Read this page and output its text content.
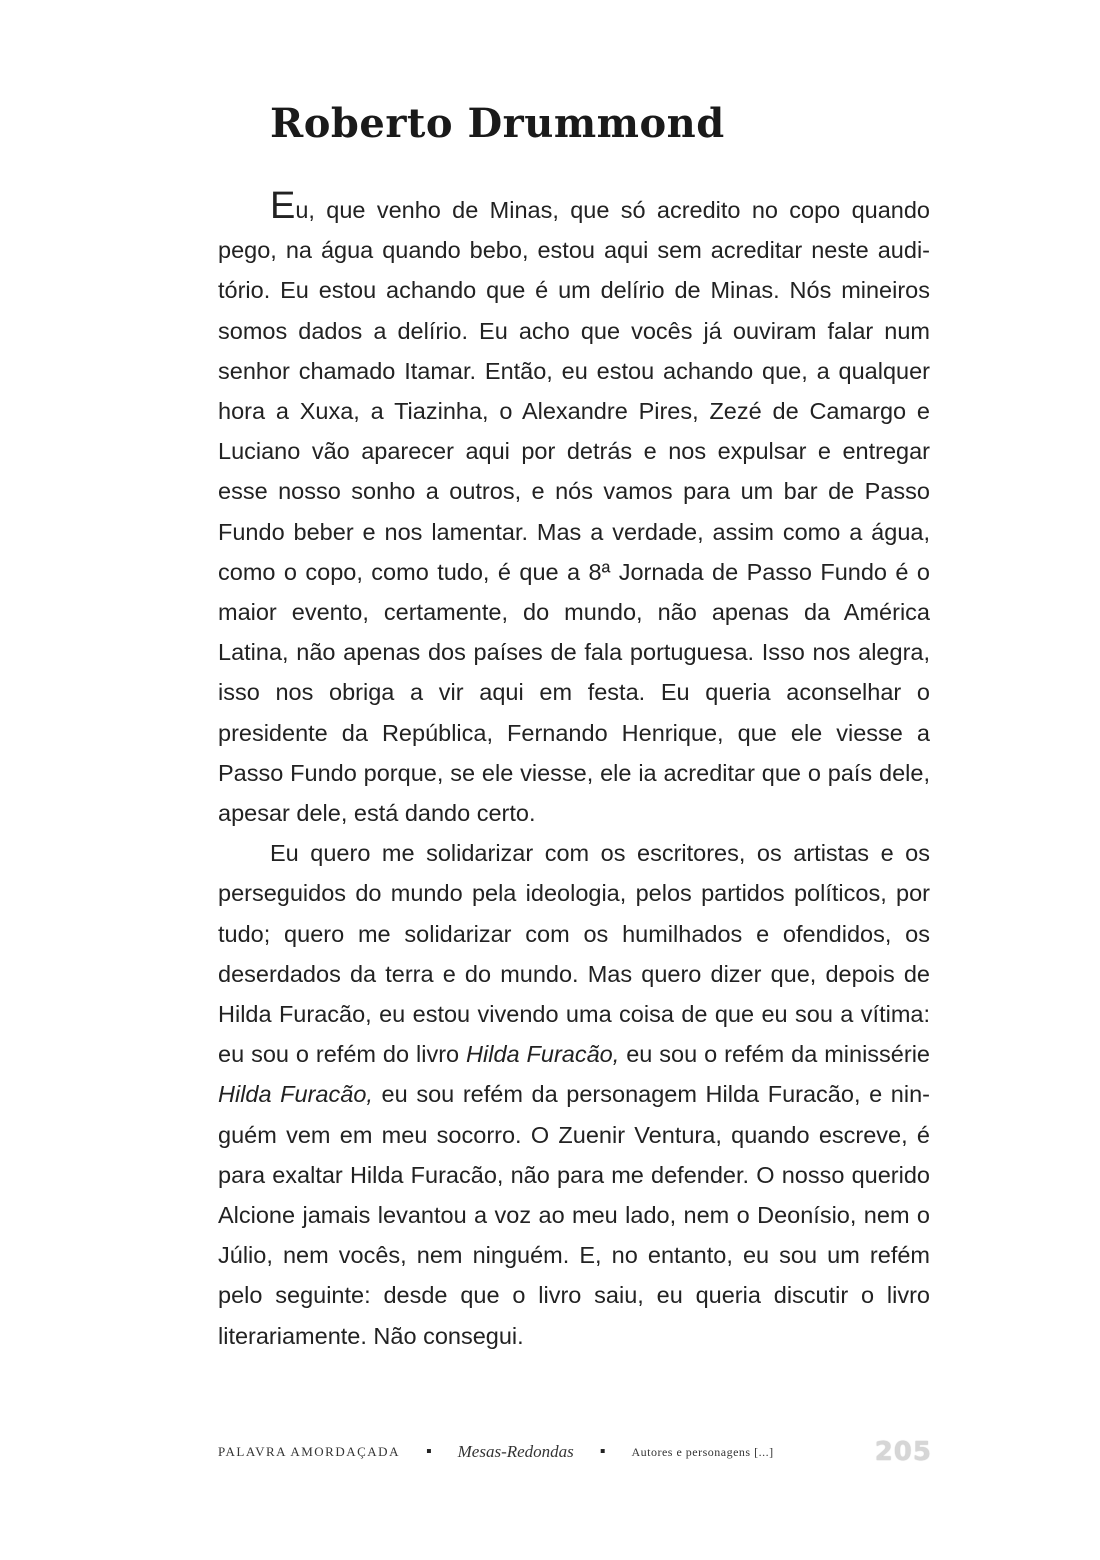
Roberto Drummond

Eu, que venho de Minas, que só acredito no copo quando pego, na água quando bebo, estou aqui sem acreditar neste auditório. Eu estou achando que é um delírio de Minas. Nós mineiros somos dados a delírio. Eu acho que vocês já ouviram falar num senhor chamado Itamar. Então, eu estou achando que, a qualquer hora a Xuxa, a Tiazinha, o Alexandre Pires, Zezé de Camargo e Luciano vão aparecer aqui por detrás e nos expulsar e entregar esse nosso sonho a outros, e nós vamos para um bar de Passo Fundo beber e nos lamentar. Mas a verdade, assim como a água, como o copo, como tudo, é que a 8ª Jornada de Passo Fundo é o maior evento, certamente, do mundo, não apenas da América Latina, não apenas dos países de fala portuguesa. Isso nos alegra, isso nos obriga a vir aqui em festa. Eu queria aconselhar o presidente da República, Fernando Henrique, que ele viesse a Passo Fundo porque, se ele viesse, ele ia acreditar que o país dele, apesar dele, está dando certo.

Eu quero me solidarizar com os escritores, os artistas e os perseguidos do mundo pela ideologia, pelos partidos políticos, por tudo; quero me solidarizar com os humilhados e ofendidos, os deserdados da terra e do mundo. Mas quero dizer que, depois de Hilda Furacão, eu estou vivendo uma coisa de que eu sou a vítima: eu sou o refém do livro Hilda Furacão, eu sou o refém da minissérie Hilda Furacão, eu sou refém da personagem Hilda Furacão, e ninguém vem em meu socorro. O Zuenir Ventura, quando escreve, é para exaltar Hilda Furacão, não para me defender. O nosso querido Alcione jamais levantou a voz ao meu lado, nem o Deonísio, nem o Júlio, nem vocês, nem ninguém. E, no entanto, eu sou um refém pelo seguinte: desde que o livro saiu, eu queria discutir o livro literariamente. Não consegui.

PALAVRA AMORDAÇADA ▪ Mesas-Redondas ▪ Autores e personagens [...]	205
